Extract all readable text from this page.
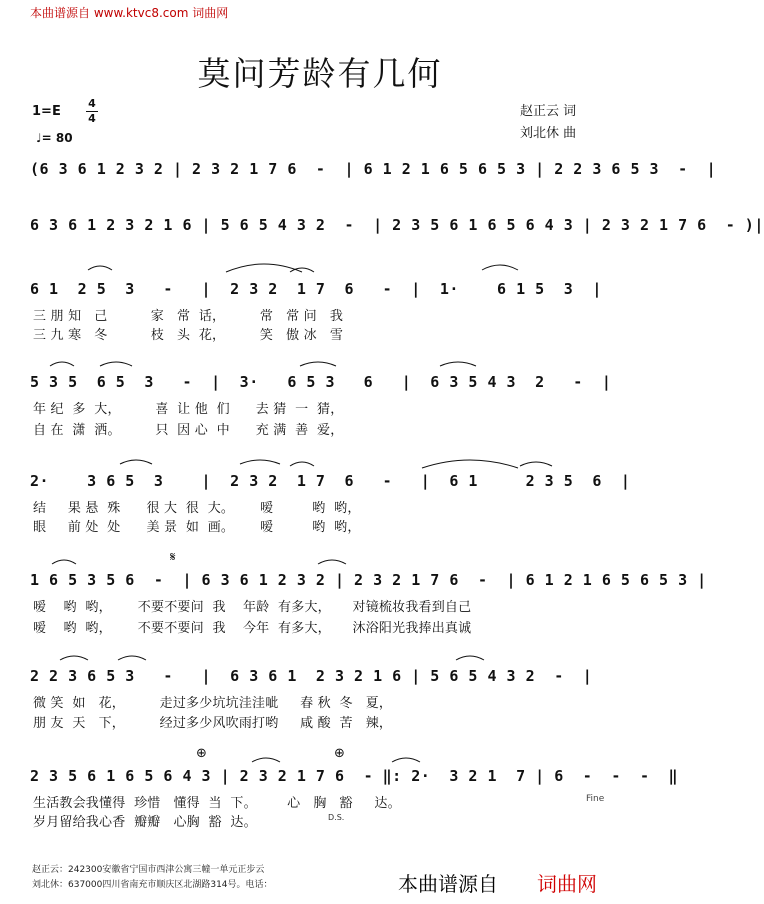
本曲谱源自 www.ktvc8.com 词曲网
莫问芳龄有几何
1=E
4
4
♩= 80
赵正云 词
刘北休 曲
(6 3 6 1 2 3 2 | 2 3 2 1 7 6  -  | 6 1 2 1 6 5 6 5 3 | 2 2 3 6 5 3  -  |
6 3 6 1 2 3 2 1 6 | 5 6 5 4 3 2  -  | 2 3 5 6 1 6 5 6 4 3 | 2 3 2 1 7 6  - )|
6 1  2 5  3   -   |  2 3 2  1 7  6   -  |  1·    6 1 5  3  |
三 朋 知   己          家   常  话，        常   常 问   我
三 九 寒   冬          枝   头  花，        笑   傲 冰   雪
5 3 5  6 5  3   -  |  3·   6 5 3   6   |  6 3 5 4 3  2   -  |
年 纪  多  大，        喜  让 他  们      去 猜  一  猜，
自 在  潇  洒。        只  因 心  中      充 满  善  爱，
2·    3 6 5  3    |  2 3 2  1 7  6   -   |  6 1     2 3 5  6  |
结     果 悬  殊      很 大  很  大。      嗳         哟  哟，
眼     前 处  处      美 景  如  画。      嗳         哟  哟，
𝄋
1 6 5 3 5 6  -  | 6 3 6 1 2 3 2 | 2 3 2 1 7 6  -  | 6 1 2 1 6 5 6 5 3 |
嗳    哟  哟，      不要不要问  我    年龄  有多大，     对镜梳妆我看到自己
嗳    哟  哟，      不要不要问  我    今年  有多大，     沐浴阳光我捧出真诚
2 2 3 6 5 3   -   |  6 3 6 1  2 3 2 1 6 | 5 6 5 4 3 2  -  |
微 笑  如   花，        走过多少坑坑洼洼呲     春 秋  冬   夏，
朋 友  天   下，        经过多少风吹雨打哟     咸 酸  苦   辣，
⊕	⊕
2 3 5 6 1 6 5 6 4 3 | 2 3 2 1 7 6  - ‖: 2·  3 2 1  7 | 6  -  -  -  ‖
Fine
生活教会我懂得  珍惜   懂得  当  下。       心   胸   豁     达。
岁月留给我心香  瓣瓣   心胸  豁  达。	D.S.
赵正云：242300安徽省宁国市西津公寓三幢一单元正步云
刘北休：637000四川省南充市顺庆区北湖路314号。电话：	本曲谱源自 词曲网
